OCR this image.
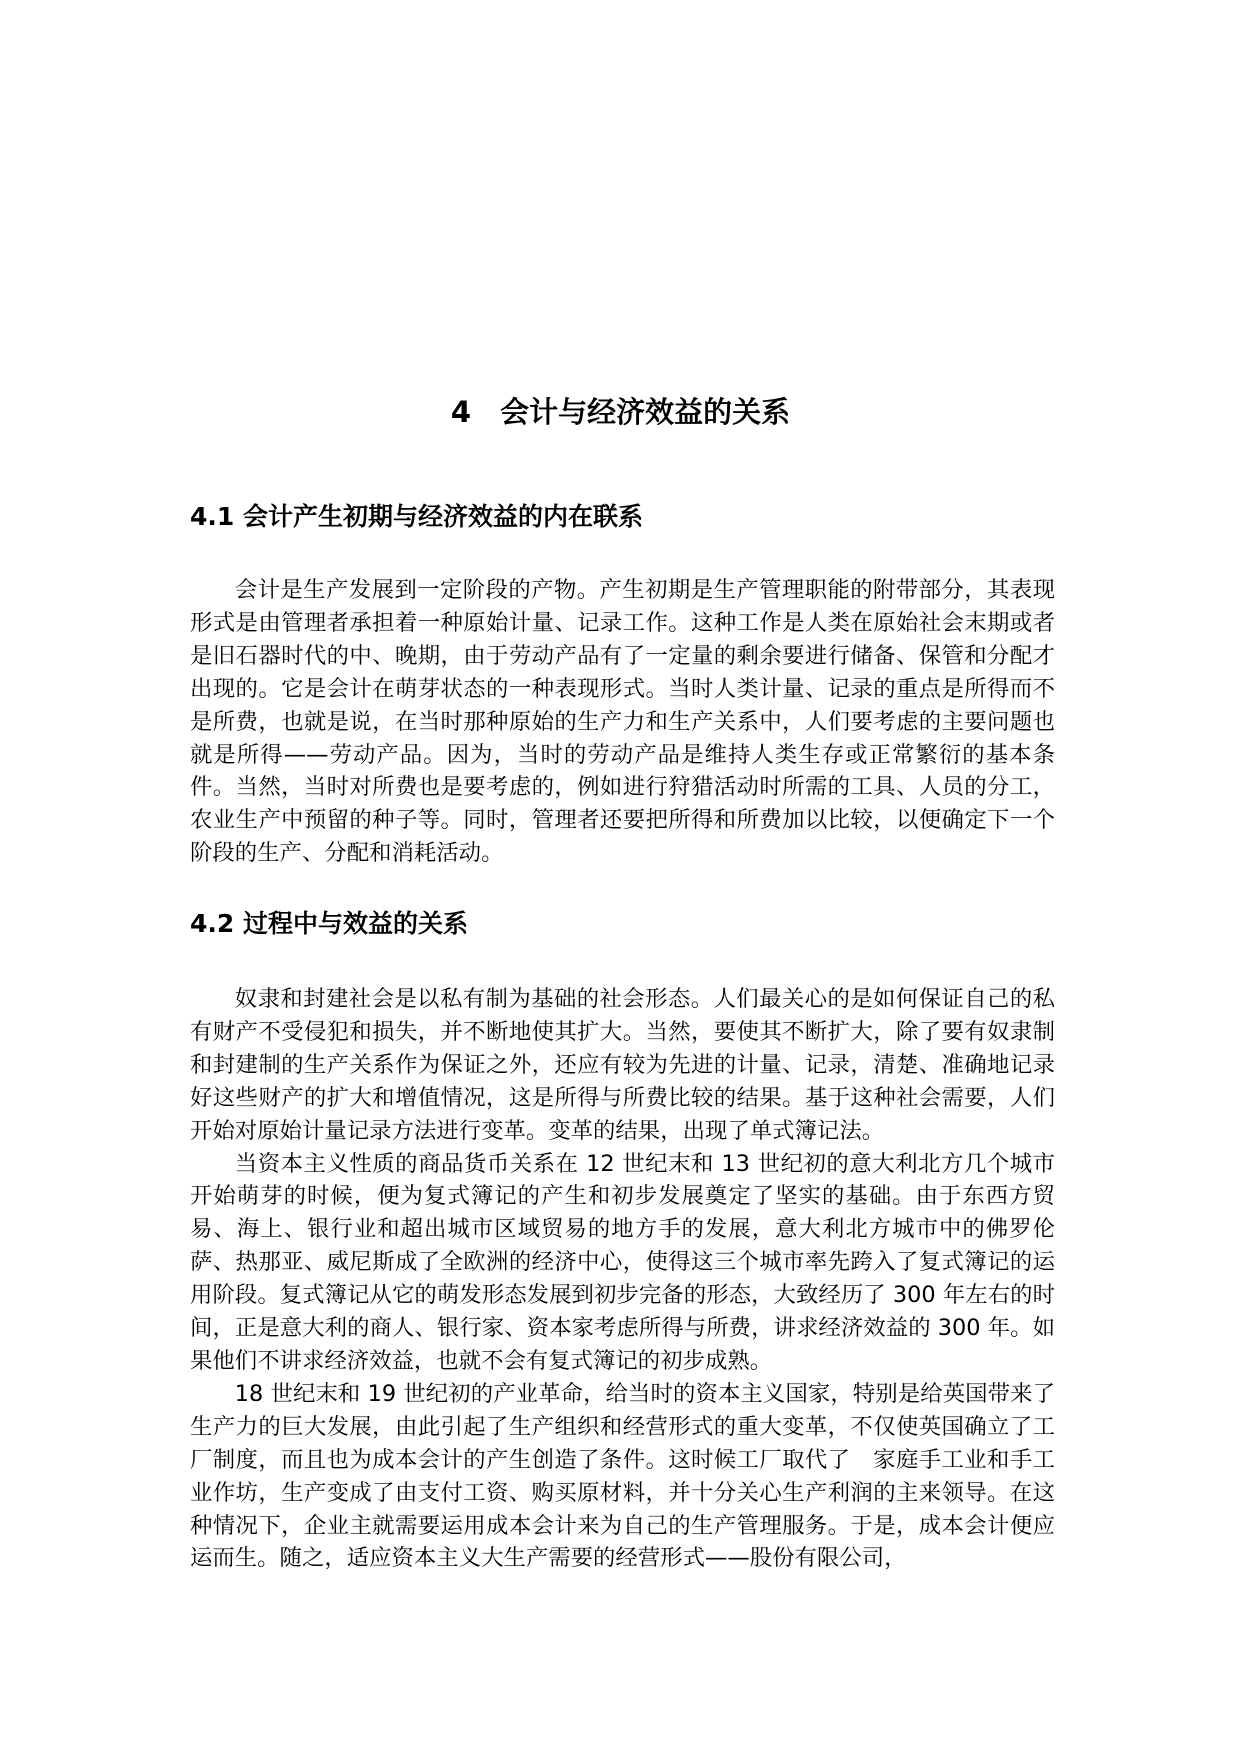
4　会计与经济效益的关系
4.1 会计产生初期与经济效益的内在联系

会计是生产发展到一定阶段的产物。产生初期是生产管理职能的附带部分，其表现形式是由管理者承担着一种原始计量、记录工作。这种工作是人类在原始社会末期或者是旧石器时代的中、晚期，由于劳动产品有了一定量的剩余要进行储备、保管和分配才出现的。它是会计在萌芽状态的一种表现形式。当时人类计量、记录的重点是所得而不是所费，也就是说，在当时那种原始的生产力和生产关系中，人们要考虑的主要问题也就是所得——劳动产品。因为，当时的劳动产品是维持人类生存或正常繁衍的基本条件。当然，当时对所费也是要考虑的，例如进行狩猎活动时所需的工具、人员的分工，农业生产中预留的种子等。同时，管理者还要把所得和所费加以比较，以便确定下一个阶段的生产、分配和消耗活动。

4.2 过程中与效益的关系

奴隶和封建社会是以私有制为基础的社会形态。人们最关心的是如何保证自己的私有财产不受侵犯和损失，并不断地使其扩大。当然，要使其不断扩大，除了要有奴隶制和封建制的生产关系作为保证之外，还应有较为先进的计量、记录，清楚、准确地记录好这些财产的扩大和增值情况，这是所得与所费比较的结果。基于这种社会需要，人们开始对原始计量记录方法进行变革。变革的结果，出现了单式簿记法。

当资本主义性质的商品货币关系在 12 世纪末和 13 世纪初的意大利北方几个城市开始萌芽的时候，便为复式簿记的产生和初步发展奠定了坚实的基础。由于东西方贸易、海上、银行业和超出城市区域贸易的地方手的发展，意大利北方城市中的佛罗伦萨、热那亚、威尼斯成了全欧洲的经济中心，使得这三个城市率先跨入了复式簿记的运用阶段。复式簿记从它的萌发形态发展到初步完备的形态，大致经历了 300 年左右的时间，正是意大利的商人、银行家、资本家考虑所得与所费，讲求经济效益的 300 年。如果他们不讲求经济效益，也就不会有复式簿记的初步成熟。

18 世纪末和 19 世纪初的产业革命，给当时的资本主义国家，特别是给英国带来了生产力的巨大发展，由此引起了生产组织和经营形式的重大变革，不仅使英国确立了工厂制度，而且也为成本会计的产生创造了条件。这时候工厂取代了　家庭手工业和手工业作坊，生产变成了由支付工资、购买原材料，并十分关心生产利润的主来领导。在这种情况下，企业主就需要运用成本会计来为自己的生产管理服务。于是，成本会计便应运而生。随之，适应资本主义大生产需要的经营形式——股份有限公司，
